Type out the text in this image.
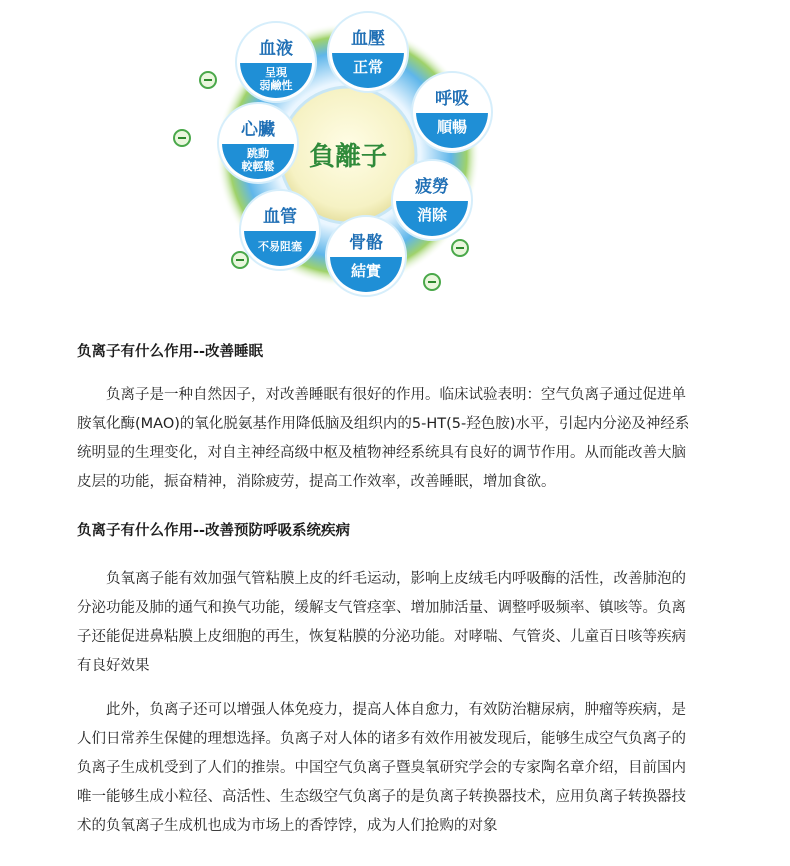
血液
呈現
弱鹼性
血壓
正常
呼吸
順暢
疲勞
消除
骨骼
結實
血管
不易阻塞
心臟
跳動
較輕鬆 負離子
负离子有什么作用--改善睡眠

负离子是一种自然因子，对改善睡眠有很好的作用。临床试验表明：空气负离子通过促进单
胺氧化酶(MAO)的氧化脱氨基作用降低脑及组织内的5-HT(5-羟色胺)水平，引起内分泌及神经系
统明显的生理变化，对自主神经高级中枢及植物神经系统具有良好的调节作用。从而能改善大脑
皮层的功能，振奋精神，消除疲劳，提高工作效率，改善睡眠，增加食欲。

负离子有什么作用--改善预防呼吸系统疾病

负氧离子能有效加强气管粘膜上皮的纤毛运动，影响上皮绒毛内呼吸酶的活性，改善肺泡的
分泌功能及肺的通气和换气功能，缓解支气管痉挛、增加肺活量、调整呼吸频率、镇咳等。负离
子还能促进鼻粘膜上皮细胞的再生，恢复粘膜的分泌功能。对哮喘、气管炎、儿童百日咳等疾病
有良好效果

此外，负离子还可以增强人体免疫力，提高人体自愈力，有效防治糖尿病，肿瘤等疾病，是
人们日常养生保健的理想选择。负离子对人体的诸多有效作用被发现后，能够生成空气负离子的
负离子生成机受到了人们的推崇。中国空气负离子暨臭氧研究学会的专家陶名章介绍，目前国内
唯一能够生成小粒径、高活性、生态级空气负离子的是负离子转换器技术，应用负离子转换器技
术的负氧离子生成机也成为市场上的香饽饽，成为人们抢购的对象
